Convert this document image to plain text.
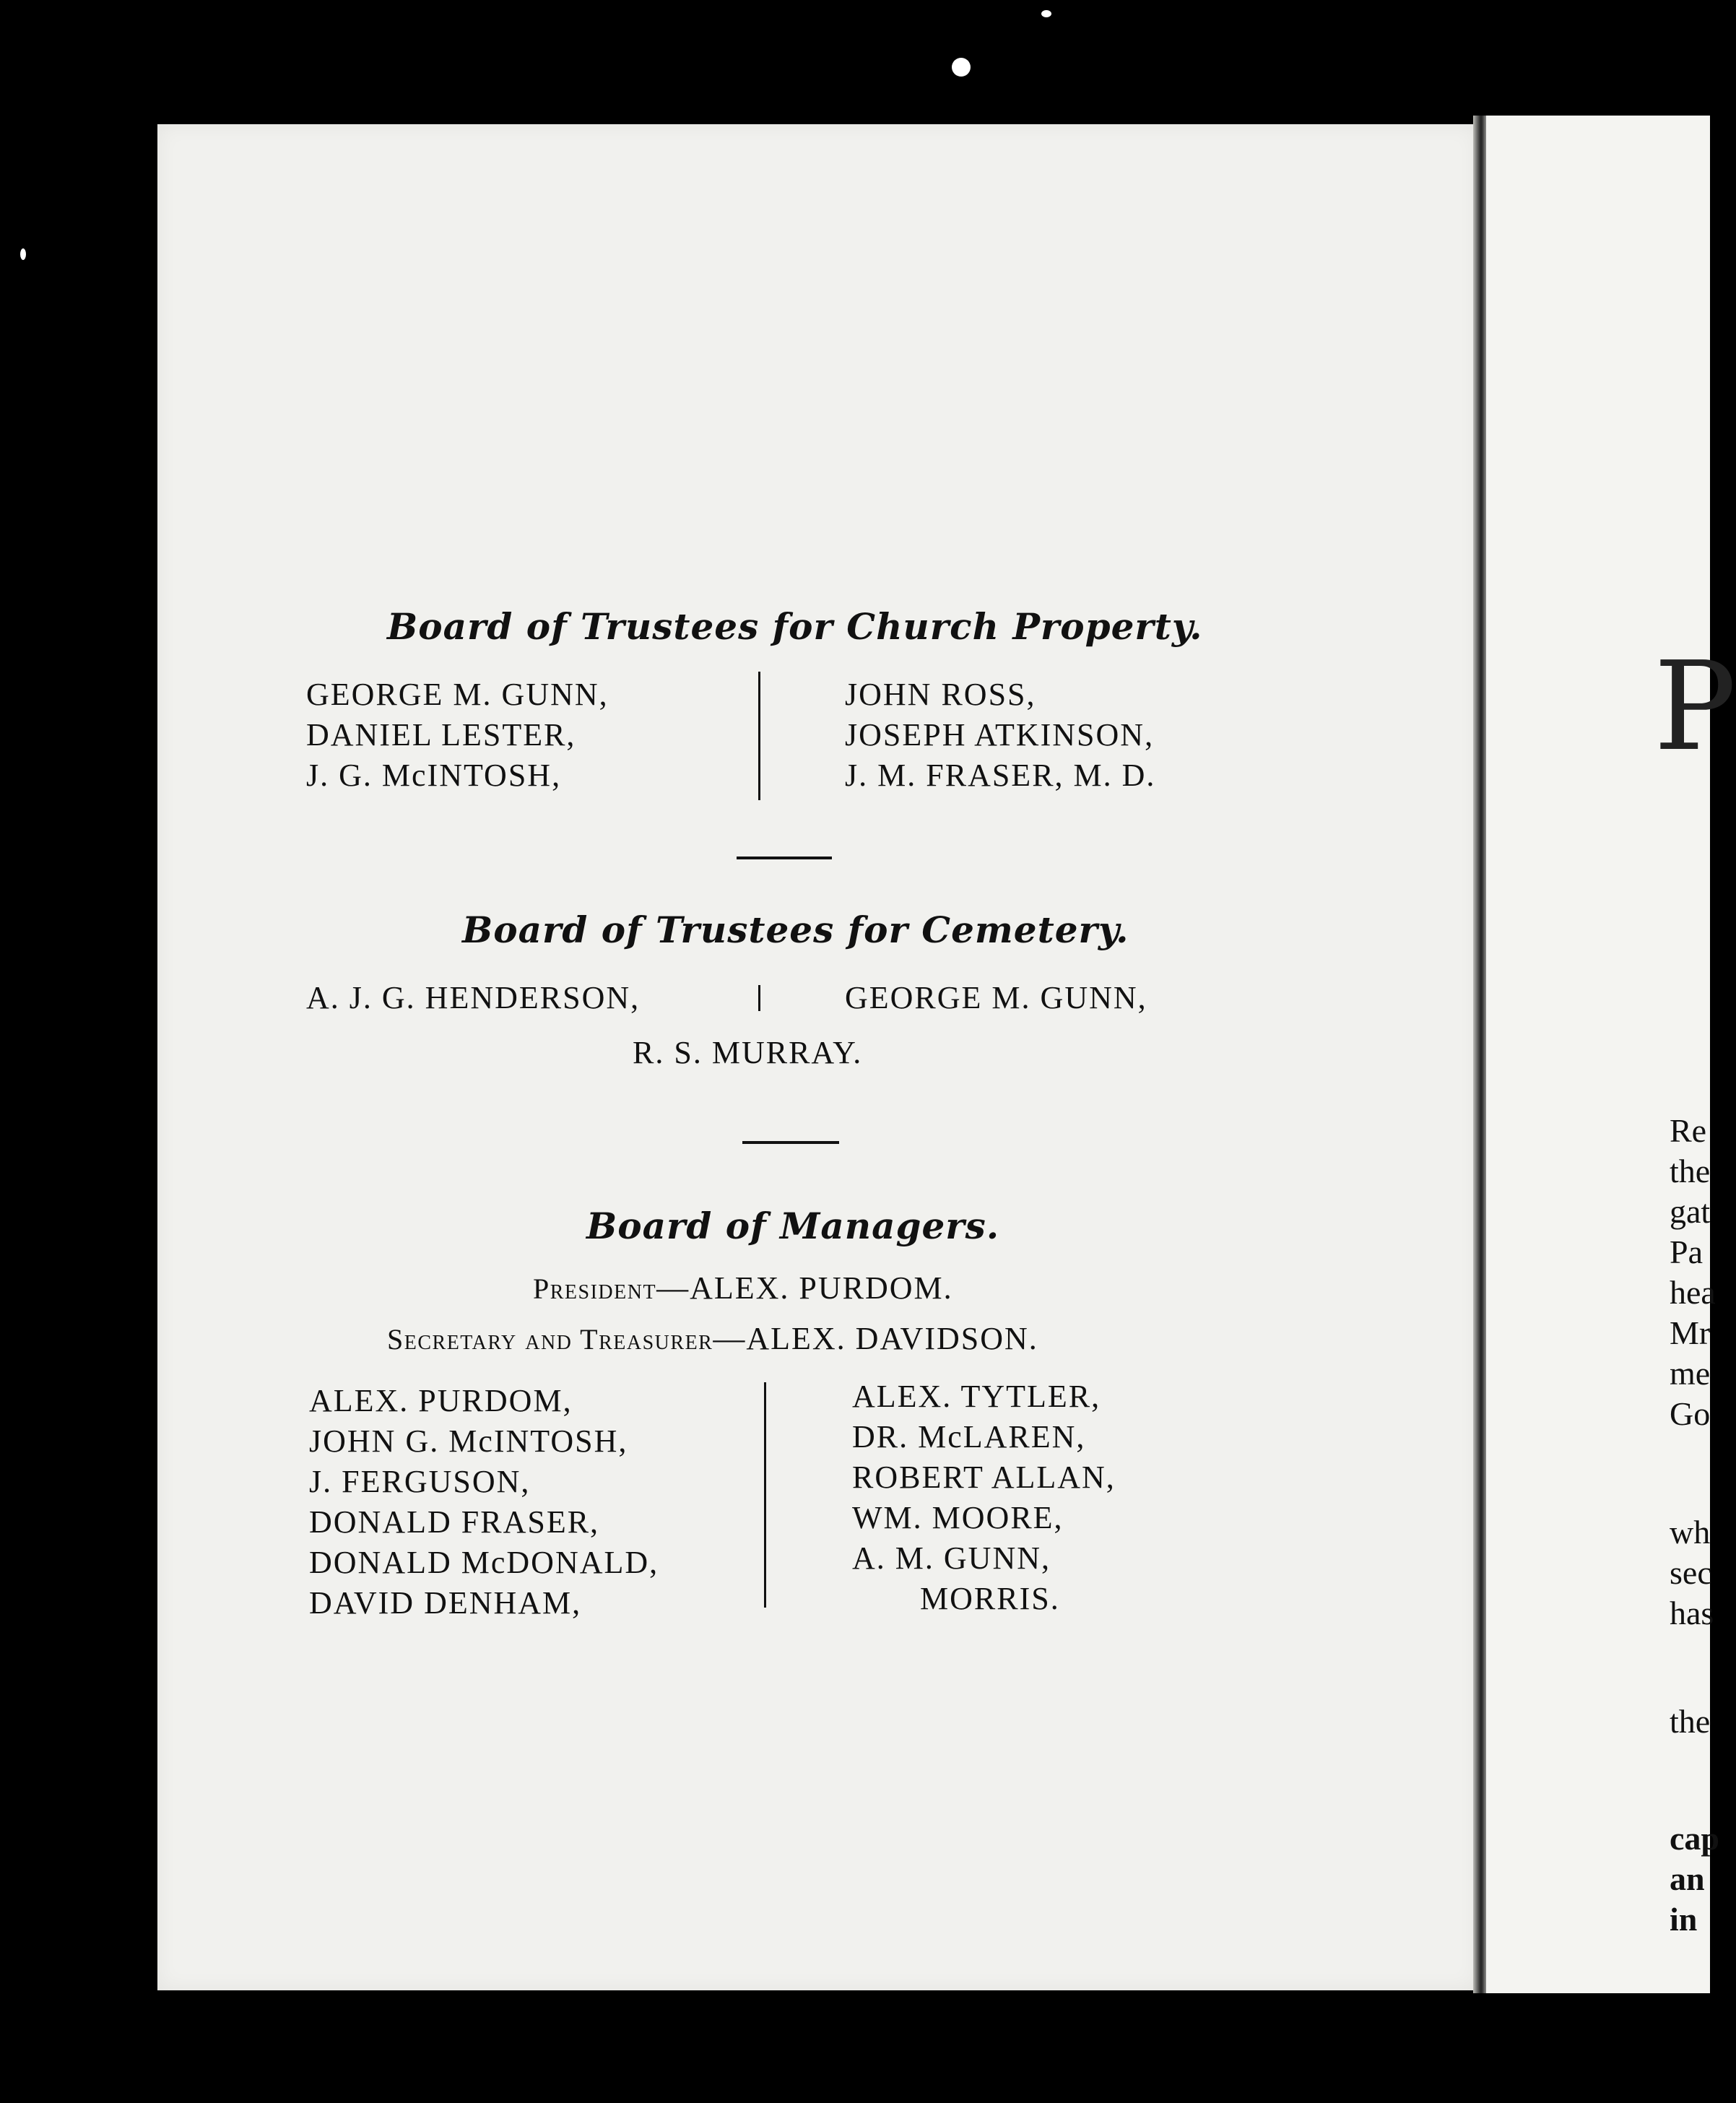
Board of Trustees for Church Property.
GEORGE M. GUNN,
DANIEL LESTER,
J. G. McINTOSH,
JOHN ROSS,
JOSEPH ATKINSON,
J. M. FRASER, M. D.
Board of Trustees for Cemetery.
A. J. G. HENDERSON,	GEORGE M. GUNN,
R. S. MURRAY.
Board of Managers.
President—ALEX. PURDOM.
Secretary and Treasurer—ALEX. DAVIDSON.
ALEX. PURDOM,
JOHN G. McINTOSH,
J. FERGUSON,
DONALD FRASER,
DONALD McDONALD,
DAVID DENHAM,
ALEX. TYTLER,
DR. McLAREN,
ROBERT ALLAN,
WM. MOORE,
A. M. GUNN,
MORRIS.
P
Re
the
gat
Pa
hea
Mr
me
Go
wh
sec
has
the
cap
an
in
